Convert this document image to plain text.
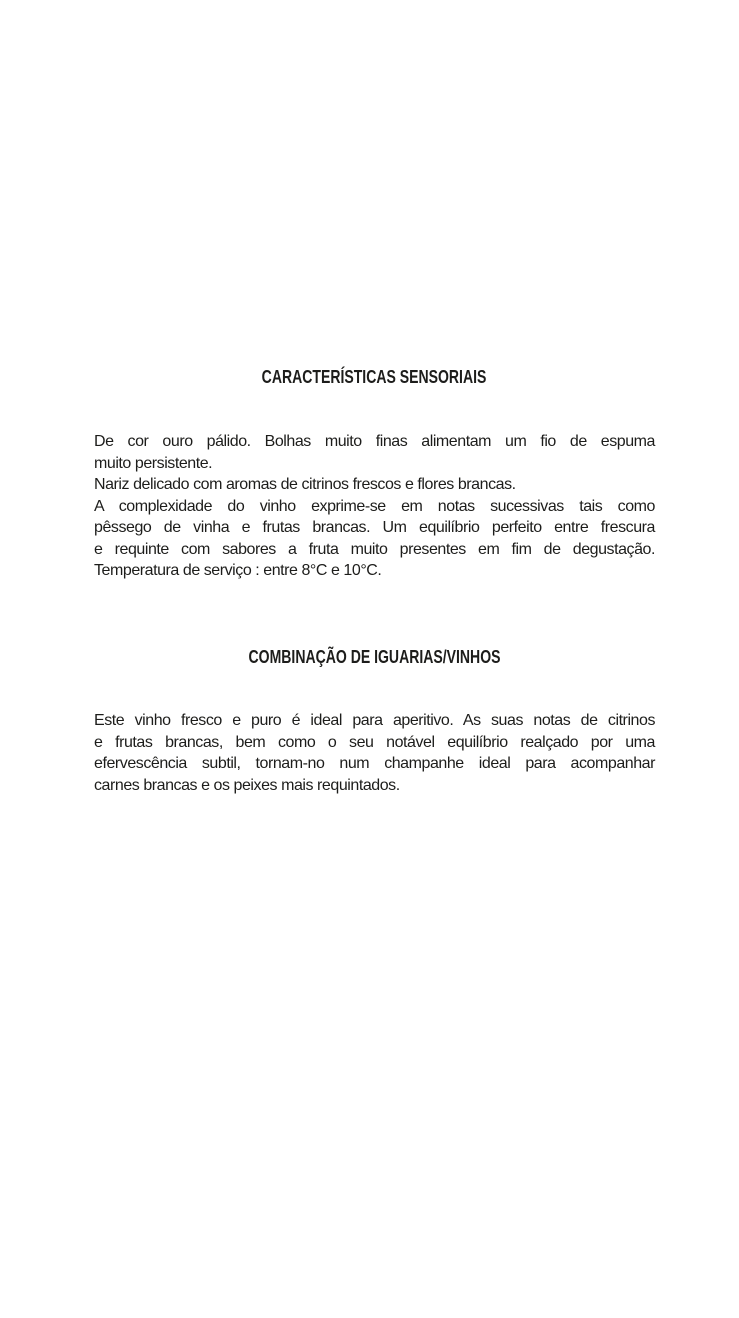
CARACTERÍSTICAS SENSORIAIS
De cor ouro pálido. Bolhas muito finas alimentam um fio de espuma
muito persistente.
Nariz delicado com aromas de citrinos frescos e flores brancas.
A complexidade do vinho exprime-se em notas sucessivas tais como
pêssego de vinha e frutas brancas. Um equilíbrio perfeito entre frescura
e requinte com sabores a fruta muito presentes em fim de degustação.
Temperatura de serviço : entre 8°C e 10°C.
COMBINAÇÃO DE IGUARIAS/VINHOS
Este vinho fresco e puro é ideal para aperitivo. As suas notas de citrinos
e frutas brancas, bem como o seu notável equilíbrio realçado por uma
efervescência subtil, tornam-no num champanhe ideal para acompanhar
carnes brancas e os peixes mais requintados.
